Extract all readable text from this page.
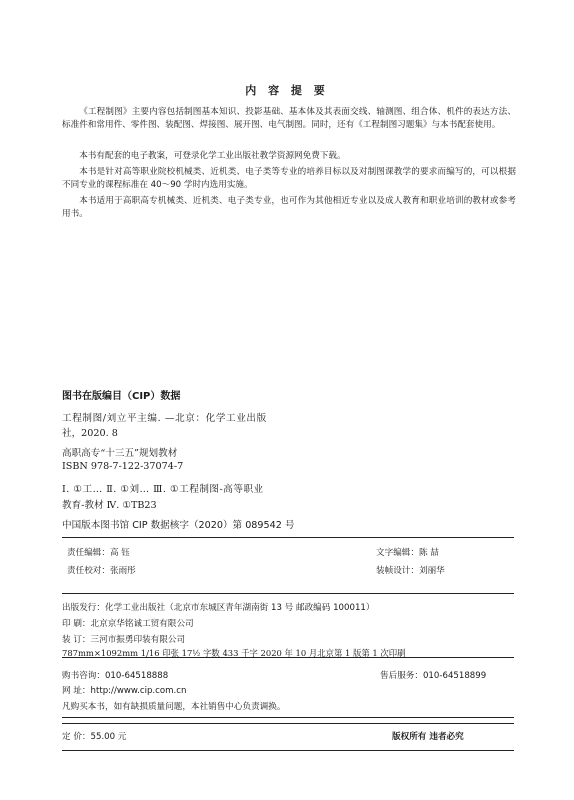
内 容 提 要
《工程制图》主要内容包括制图基本知识、投影基础、基本体及其表面交线、轴测图、组合体、机件的表达方法、标准件和常用件、零件图、装配图、焊接图、展开图、电气制图。同时，还有《工程制图习题集》与本书配套使用。
本书有配套的电子教案，可登录化学工业出版社教学资源网免费下载。
本书是针对高等职业院校机械类、近机类、电子类等专业的培养目标以及对制图课教学的要求而编写的，可以根据不同专业的课程标准在 40～90 学时内选用实施。
本书适用于高职高专机械类、近机类、电子类专业，也可作为其他相近专业以及成人教育和职业培训的教材或参考用书。
图书在版编目（CIP）数据
工程制图/刘立平主编. —北京：化学工业出版
社，2020. 8
高职高专“十三五”规划教材
ISBN 978-7-122-37074-7
Ⅰ. ①工… Ⅱ. ①刘… Ⅲ. ①工程制图-高等职业
教育-教材 Ⅳ. ①TB23
中国版本图书馆 CIP 数据核字（2020）第 089542 号
责任编辑：高 钰	文字编辑：陈 喆
责任校对：张雨彤	装帧设计：刘丽华
出版发行：化学工业出版社（北京市东城区青年湖南街 13 号 邮政编码 100011）
印 刷：北京京华铭诚工贸有限公司
装 订：三河市振勇印装有限公司
787mm×1092mm 1/16 印张 17½ 字数 433 千字 2020 年 10 月北京第 1 版第 1 次印刷
购书咨询：010-64518888	售后服务：010-64518899
网 址：http://www.cip.com.cn
凡购买本书，如有缺损质量问题，本社销售中心负责调换。
定 价：55.00 元	版权所有 违者必究
